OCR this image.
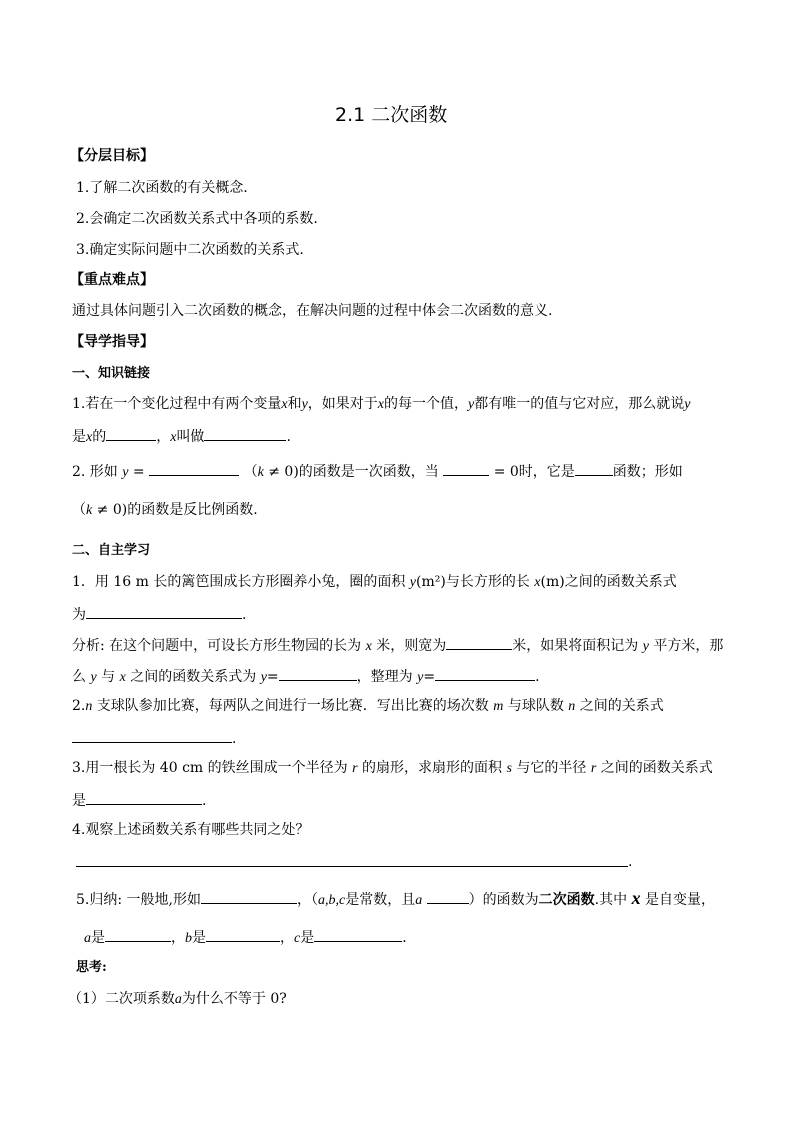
2.1 二次函数
【分层目标】
1.了解二次函数的有关概念．
2.会确定二次函数关系式中各项的系数.
3.确定实际问题中二次函数的关系式.
【重点难点】
通过具体问题引入二次函数的概念，在解决问题的过程中体会二次函数的意义.
【导学指导】
一、知识链接
1.若在一个变化过程中有两个变量x和y，如果对于x的每一个值，y都有唯一的值与它对应，那么就说y
是x的	，x叫做	.
2. 形如 y =	（k ≠ 0)的函数是一次函数，当	= 0时，它是	函数；形如
（k ≠ 0)的函数是反比例函数.
二、自主学习
1．用 16 m 长的篱笆围成长方形圈养小兔，圈的面积 y(m²)与长方形的长 x(m)之间的函数关系式
为	.
分析: 在这个问题中，可设长方形生物园的长为 x 米，则宽为	米，如果将面积记为 y 平方米，那
么 y 与 x 之间的函数关系式为 y=	，整理为 y=	.
2.n 支球队参加比赛，每两队之间进行一场比赛．写出比赛的场次数 m 与球队数 n 之间的关系式
．
3.用一根长为 40 cm 的铁丝围成一个半径为 r 的扇形，求扇形的面积 s 与它的半径 r 之间的函数关系式
是	.
4.观察上述函数关系有哪些共同之处？
.
5.归纳: 一般地,形如	，（a,b,c是常数，且a	）的函数为二次函数.其中 x 是自变量，
a是	，b是	，c是	．
思考:
（1）二次项系数a为什么不等于 0?
